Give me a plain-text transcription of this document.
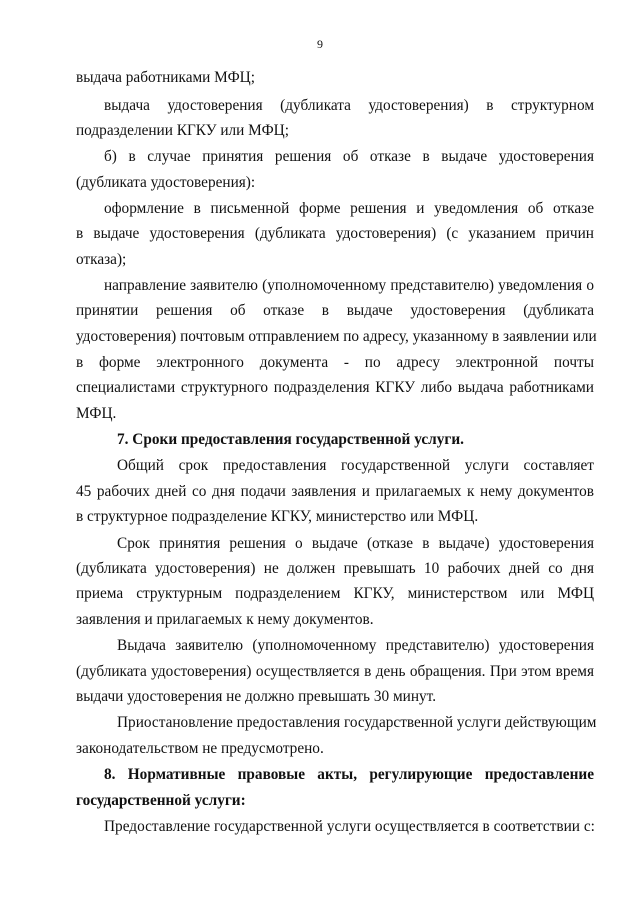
9
выдача работниками МФЦ;
выдача удостоверения (дубликата удостоверения) в структурном
подразделении КГКУ или МФЦ;
б) в случае принятия решения об отказе в выдаче удостоверения
(дубликата удостоверения):
оформление в письменной форме решения и уведомления об отказе
в выдаче удостоверения (дубликата удостоверения) (с указанием причин
отказа);
направление заявителю (уполномоченному представителю) уведомления о
принятии решения об отказе в выдаче удостоверения (дубликата
удостоверения) почтовым отправлением по адресу, указанному в заявлении или
в форме электронного документа - по адресу электронной почты
специалистами структурного подразделения КГКУ либо выдача работниками
МФЦ.
7. Сроки предоставления государственной услуги.
Общий срок предоставления государственной услуги составляет
45 рабочих дней со дня подачи заявления и прилагаемых к нему документов
в структурное подразделение КГКУ, министерство или МФЦ.
Срок принятия решения о выдаче (отказе в выдаче) удостоверения
(дубликата удостоверения) не должен превышать 10 рабочих дней со дня
приема структурным подразделением КГКУ, министерством или МФЦ
заявления и прилагаемых к нему документов.
Выдача заявителю (уполномоченному представителю) удостоверения
(дубликата удостоверения) осуществляется в день обращения. При этом время
выдачи удостоверения не должно превышать 30 минут.
Приостановление предоставления государственной услуги действующим
законодательством не предусмотрено.
8. Нормативные правовые акты, регулирующие предоставление
государственной услуги:
Предоставление государственной услуги осуществляется в соответствии с:
